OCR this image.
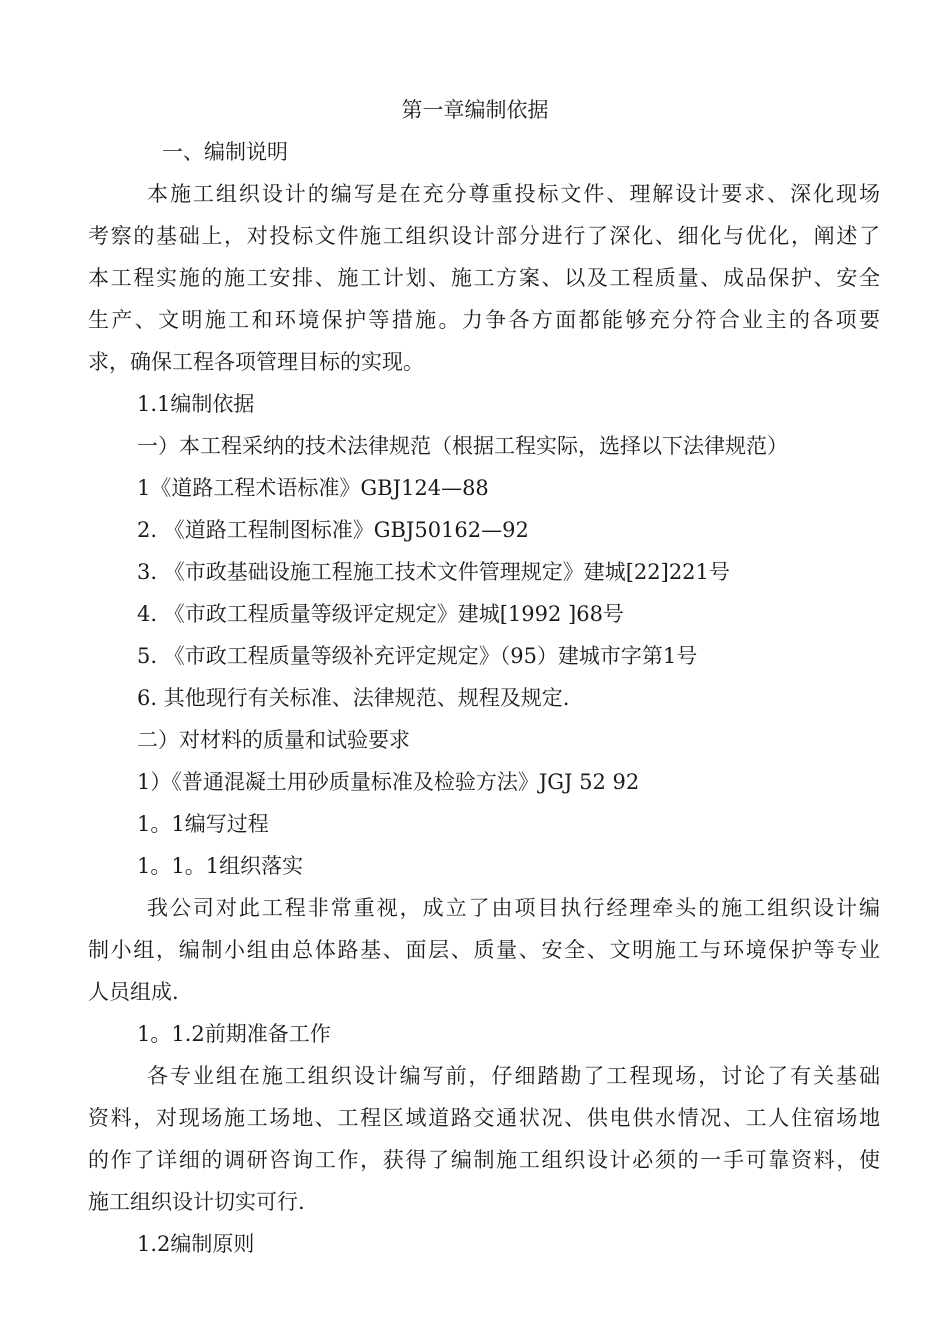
第一章编制依据

一、编制说明

本施工组织设计的编写是在充分尊重投标文件、理解设计要求、深化现场

考察的基础上，对投标文件施工组织设计部分进行了深化、细化与优化，阐述了

本工程实施的施工安排、施工计划、施工方案、以及工程质量、成品保护、安全

生产、文明施工和环境保护等措施。力争各方面都能够充分符合业主的各项要

求，确保工程各项管理目标的实现。

1.1编制依据

一）本工程采纳的技术法律规范（根据工程实际，选择以下法律规范）

1《道路工程术语标准》GBJ124—88

2. 《道路工程制图标准》GBJ50162—92

3. 《市政基础设施工程施工技术文件管理规定》建城[22]221号

4. 《市政工程质量等级评定规定》建城[1992 ]68号

5. 《市政工程质量等级补充评定规定》（95）建城市字第1号

6. 其他现行有关标准、法律规范、规程及规定.

二）对材料的质量和试验要求

1）《普通混凝土用砂质量标准及检验方法》JGJ 52 92

1。1编写过程

1。1。1组织落实

我公司对此工程非常重视，成立了由项目执行经理牵头的施工组织设计编

制小组，编制小组由总体路基、面层、质量、安全、文明施工与环境保护等专业

人员组成.

1。1.2前期准备工作

各专业组在施工组织设计编写前，仔细踏勘了工程现场，讨论了有关基础

资料，对现场施工场地、工程区域道路交通状况、供电供水情况、工人住宿场地

的作了详细的调研咨询工作，获得了编制施工组织设计必须的一手可靠资料，使

施工组织设计切实可行.

1.2编制原则
